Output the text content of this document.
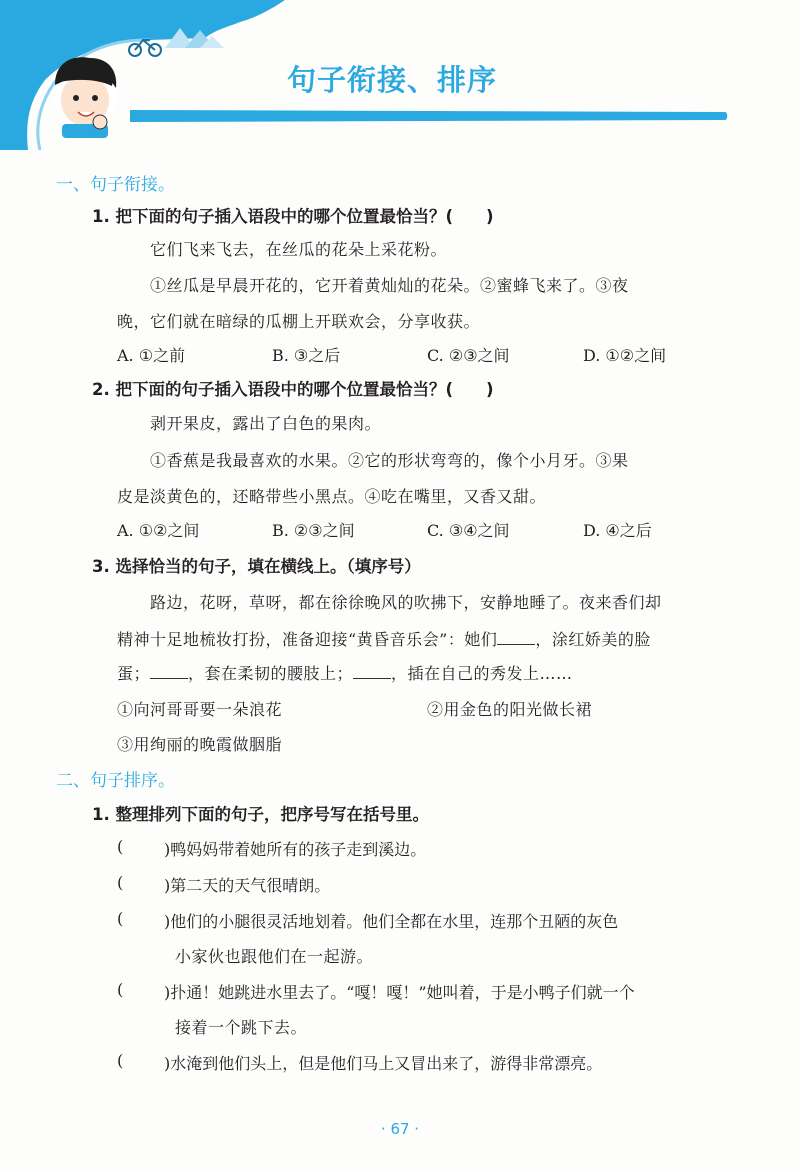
句子衔接、排序
一、句子衔接。
1. 把下面的句子插入语段中的哪个位置最恰当？(　　)
它们飞来飞去，在丝瓜的花朵上采花粉。
①丝瓜是早晨开花的，它开着黄灿灿的花朵。②蜜蜂飞来了。③夜
晚，它们就在暗绿的瓜棚上开联欢会，分享收获。
A. ①之前	B. ③之后	C. ②③之间	D. ①②之间
2. 把下面的句子插入语段中的哪个位置最恰当？(　　)
剥开果皮，露出了白色的果肉。
①香蕉是我最喜欢的水果。②它的形状弯弯的，像个小月牙。③果
皮是淡黄色的，还略带些小黑点。④吃在嘴里，又香又甜。
A. ①②之间	B. ②③之间	C. ③④之间	D. ④之后
3. 选择恰当的句子，填在横线上。（填序号）
路边，花呀，草呀，都在徐徐晚风的吹拂下，安静地睡了。夜来香们却
精神十足地梳妆打扮，准备迎接“黄昏音乐会”：她们 ，涂红娇美的脸
蛋； ，套在柔韧的腰肢上； ，插在自己的秀发上……
①向河哥哥要一朵浪花	②用金色的阳光做长裙
③用绚丽的晚霞做胭脂
二、句子排序。
1. 整理排列下面的句子，把序号写在括号里。
(	)鸭妈妈带着她所有的孩子走到溪边。
(	)第二天的天气很晴朗。
(	)他们的小腿很灵活地划着。他们全都在水里，连那个丑陋的灰色
小家伙也跟他们在一起游。
(	)扑通！她跳进水里去了。“嘎！嘎！”她叫着，于是小鸭子们就一个
接着一个跳下去。
(	)水淹到他们头上，但是他们马上又冒出来了，游得非常漂亮。
· 67 ·
